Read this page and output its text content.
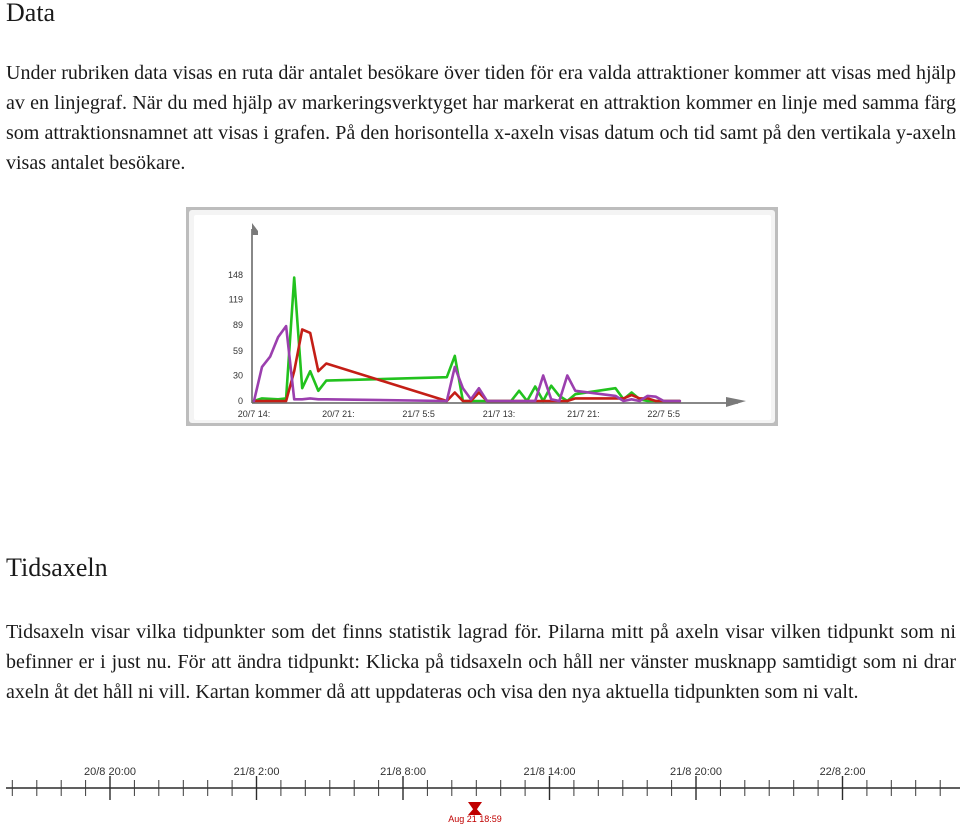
Data

Under rubriken data visas en ruta där antalet besökare över tiden för era valda attraktioner kommer att visas med hjälp av en linjegraf. När du med hjälp av markeringsverktyget har markerat en attraktion kommer en linje med samma färg som attraktionsnamnet att visas i grafen. På den horisontella x-axeln visas datum och tid samt på den vertikala y-axeln visas antalet besökare.

148
119
89
59
30
0
20/7 14:	20/7 21:	21/7 5:5	21/7 13:	21/7 21:	22/7 5:5
Tidsaxeln

Tidsaxeln visar vilka tidpunkter som det finns statistik lagrad för. Pilarna mitt på axeln visar vilken tidpunkt som ni befinner er i just nu. För att ändra tidpunkt: Klicka på tidsaxeln och håll ner vänster musknapp samtidigt som ni drar axeln åt det håll ni vill. Kartan kommer då att uppdateras och visa den nya aktuella tidpunkten som ni valt.

20/8 20:00	21/8 2:00	21/8 8:00	21/8 14:00	21/8 20:00	22/8 2:00
Aug 21 18:59
